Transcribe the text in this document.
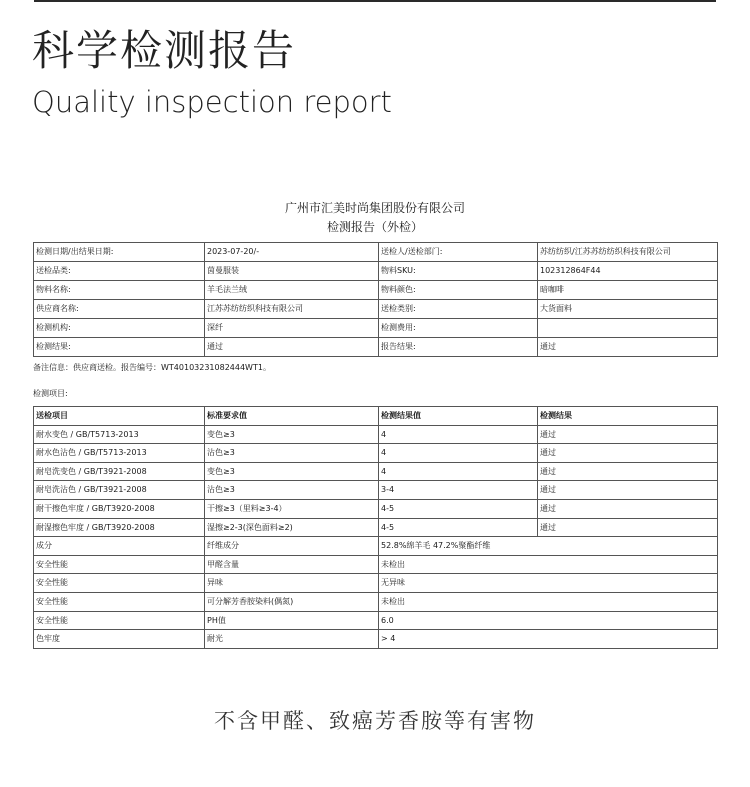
科学检测报告
Quality inspection report
广州市汇美时尚集团股份有限公司
检测报告（外检）
检测日期/出结果日期:	2023-07-20/-	送检人/送检部门:	苏纺纺织/江苏苏纺纺织科技有限公司
送检品类:	茵曼服装	物料SKU:	102312864F44
物料名称:	羊毛法兰绒	物料颜色:	暗咖啡
供应商名称:	江苏苏纺纺织科技有限公司	送检类别:	大货面料
检测机构:	深纤	检测费用:	
检测结果:	通过	报告结果:	通过
备注信息：供应商送检。报告编号：WT40103231082444WT1。
检测项目:
送检项目	标准要求值	检测结果值	检测结果
耐水变色 / GB/T5713-2013	变色≥3	4	通过
耐水色沾色 / GB/T5713-2013	沾色≥3	4	通过
耐皂洗变色 / GB/T3921-2008	变色≥3	4	通过
耐皂洗沾色 / GB/T3921-2008	沾色≥3	3-4	通过
耐干擦色牢度 / GB/T3920-2008	干擦≥3（里料≥3-4）	4-5	通过
耐湿擦色牢度 / GB/T3920-2008	湿擦≥2-3(深色面料≥2)	4-5	通过
成分	纤维成分	52.8%绵羊毛 47.2%聚酯纤维	
安全性能	甲醛含量	未检出	
安全性能	异味	无异味	
安全性能	可分解芳香胺染料(偶氮)	未检出	
安全性能	PH值	6.0	
色牢度	耐光	> 4	
不含甲醛、致癌芳香胺等有害物
